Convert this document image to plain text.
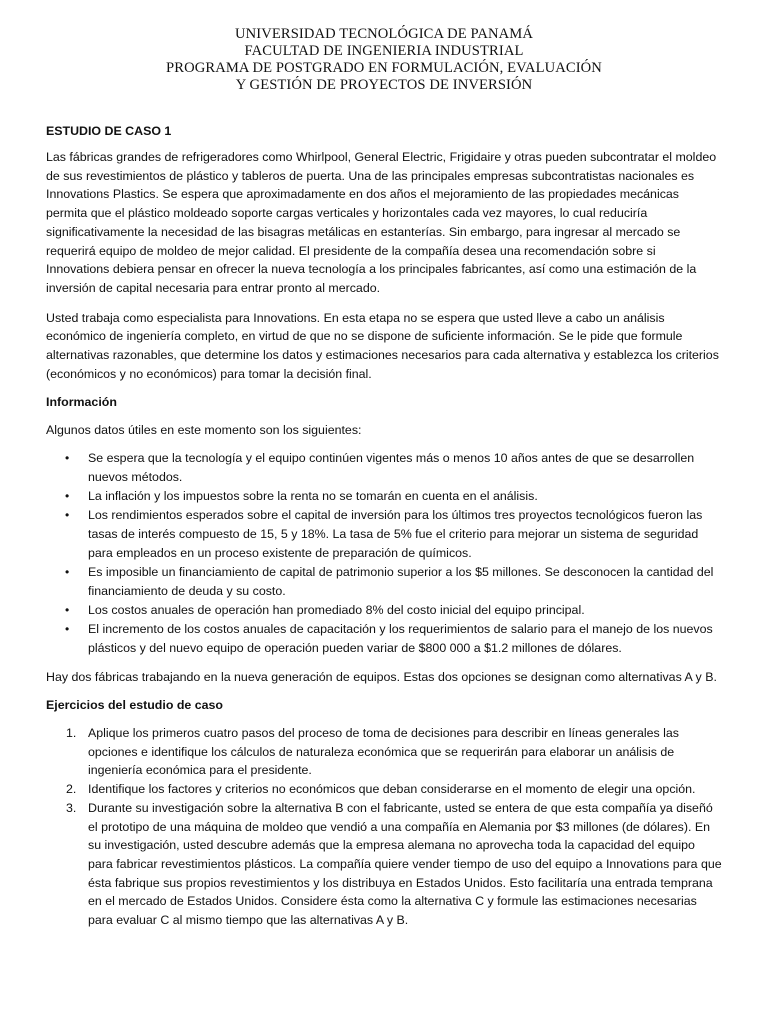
UNIVERSIDAD TECNOLÓGICA DE PANAMÁ
FACULTAD DE INGENIERIA INDUSTRIAL
PROGRAMA DE POSTGRADO EN FORMULACIÓN, EVALUACIÓN
Y GESTIÓN DE PROYECTOS DE INVERSIÓN
ESTUDIO DE CASO 1

Las fábricas grandes de refrigeradores como Whirlpool, General Electric, Frigidaire y otras pueden subcontratar el moldeo de sus revestimientos de plástico y tableros de puerta. Una de las principales empresas subcontratistas nacionales es Innovations Plastics. Se espera que aproximadamente en dos años el mejoramiento de las propiedades mecánicas permita que el plástico moldeado soporte cargas verticales y horizontales cada vez mayores, lo cual reduciría significativamente la necesidad de las bisagras metálicas en estanterías. Sin embargo, para ingresar al mercado se requerirá equipo de moldeo de mejor calidad. El presidente de la compañía desea una recomendación sobre si Innovations debiera pensar en ofrecer la nueva tecnología a los principales fabricantes, así como una estimación de la inversión de capital necesaria para entrar pronto al mercado.

Usted trabaja como especialista para Innovations. En esta etapa no se espera que usted lleve a cabo un análisis económico de ingeniería completo, en virtud de que no se dispone de suficiente información. Se le pide que formule alternativas razonables, que determine los datos y estimaciones necesarios para cada alternativa y establezca los criterios (económicos y no económicos) para tomar la decisión final.

Información

Algunos datos útiles en este momento son los siguientes:

• Se espera que la tecnología y el equipo continúen vigentes más o menos 10 años antes de que se desarrollen nuevos métodos.
• La inflación y los impuestos sobre la renta no se tomarán en cuenta en el análisis.
• Los rendimientos esperados sobre el capital de inversión para los últimos tres proyectos tecnológicos fueron las tasas de interés compuesto de 15, 5 y 18%. La tasa de 5% fue el criterio para mejorar un sistema de seguridad para empleados en un proceso existente de preparación de químicos.
• Es imposible un financiamiento de capital de patrimonio superior a los $5 millones. Se desconocen la cantidad del financiamiento de deuda y su costo.
• Los costos anuales de operación han promediado 8% del costo inicial del equipo principal.
• El incremento de los costos anuales de capacitación y los requerimientos de salario para el manejo de los nuevos plásticos y del nuevo equipo de operación pueden variar de $800 000 a $1.2 millones de dólares.

Hay dos fábricas trabajando en la nueva generación de equipos. Estas dos opciones se designan como alternativas A y B.

Ejercicios del estudio de caso
1. Aplique los primeros cuatro pasos del proceso de toma de decisiones para describir en líneas generales las opciones e identifique los cálculos de naturaleza económica que se requerirán para elaborar un análisis de ingeniería económica para el presidente.
2. Identifique los factores y criterios no económicos que deban considerarse en el momento de elegir una opción.
3. Durante su investigación sobre la alternativa B con el fabricante, usted se entera de que esta compañía ya diseñó el prototipo de una máquina de moldeo que vendió a una compañía en Alemania por $3 millones (de dólares). En su investigación, usted descubre además que la empresa alemana no aprovecha toda la capacidad del equipo para fabricar revestimientos plásticos. La compañía quiere vender tiempo de uso del equipo a Innovations para que ésta fabrique sus propios revestimientos y los distribuya en Estados Unidos. Esto facilitaría una entrada temprana en el mercado de Estados Unidos. Considere ésta como la alternativa C y formule las estimaciones necesarias para evaluar C al mismo tiempo que las alternativas A y B.
